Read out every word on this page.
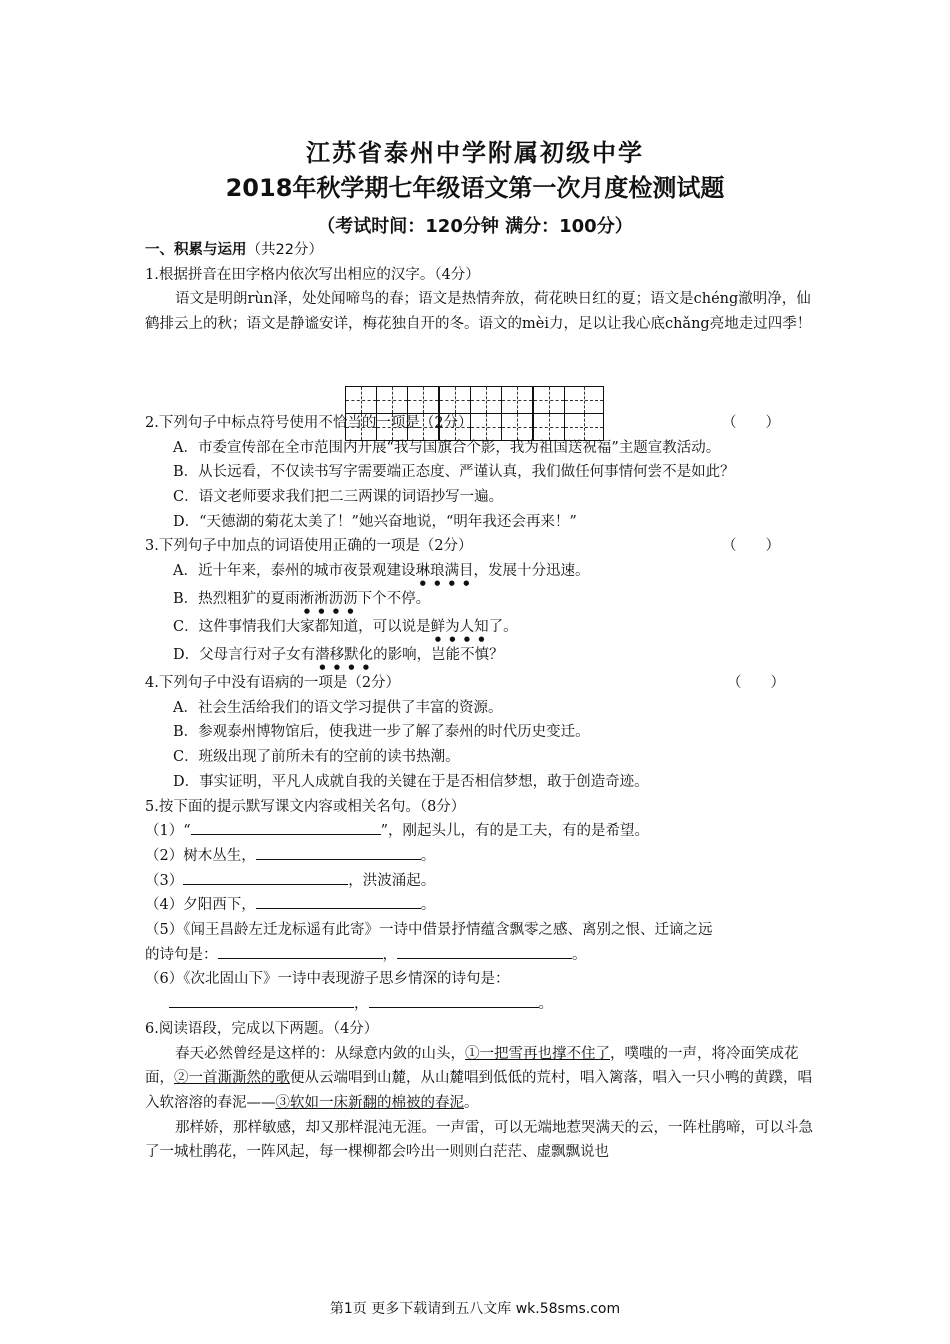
江苏省泰州中学附属初级中学
2018年秋学期七年级语文第一次月度检测试题
（考试时间：120分钟 满分：100分）

一、积累与运用（共22分）

1.根据拼音在田字格内依次写出相应的汉字。（4分）

语文是明朗rùn泽，处处闻啼鸟的春；语文是热情奔放，荷花映日红的夏；语文是chéng澈明净，仙鹤排云上的秋；语文是静谧安详，梅花独自开的冬。语文的mèi力，足以让我心底chǎng亮地走过四季！

2.下列句子中标点符号使用不恰当的一项是（2分）	（　　）

A．市委宣传部在全市范围内开展“我与国旗合个影，我为祖国送祝福”主题宣教活动。

B．从长远看，不仅读书写字需要端正态度、严谨认真，我们做任何事情何尝不是如此？

C．语文老师要求我们把二三两课的词语抄写一遍。

D．“天德湖的菊花太美了！”她兴奋地说，“明年我还会再来！”

3.下列句子中加点的词语使用正确的一项是（2分）	（　　）

A．近十年来，泰州的城市夜景观建设琳琅满目，发展十分迅速。

B．热烈粗犷的夏雨淅淅沥沥下个不停。

C．这件事情我们大家都知道，可以说是鲜为人知了。

D．父母言行对子女有潜移默化的影响，岂能不慎？

4.下列句子中没有语病的一项是（2分）	（　　）

A．社会生活给我们的语文学习提供了丰富的资源。

B．参观泰州博物馆后，使我进一步了解了泰州的时代历史变迁。

C．班级出现了前所未有的空前的读书热潮。

D．事实证明，平凡人成就自我的关键在于是否相信梦想，敢于创造奇迹。

5.按下面的提示默写课文内容或相关名句。（8分）

（1）“	”，刚起头儿，有的是工夫，有的是希望。

（2）树木丛生，	。

（3）	，洪波涌起。

（4）夕阳西下，	。

（5）《闻王昌龄左迁龙标遥有此寄》一诗中借景抒情蕴含飘零之感、离别之恨、迁谪之远

的诗句是：	，	。

（6）《次北固山下》一诗中表现游子思乡情深的诗句是：

，	。

6.阅读语段，完成以下两题。（4分）

春天必然曾经是这样的：从绿意内敛的山头，①一把雪再也撑不住了，噗嗤的一声，将冷面笑成花面，②一首澌澌然的歌便从云端唱到山麓，从山麓唱到低低的荒村，唱入篱落，唱入一只小鸭的黄蹼，唱入软溶溶的春泥——③软如一床新翻的棉被的春泥。

那样娇，那样敏感，却又那样混沌无涯。一声雷，可以无端地惹哭满天的云，一阵杜鹃啼，可以斗急了一城杜鹃花，一阵风起，每一棵柳都会吟出一则则白茫茫、虚飘飘说也

第1页 更多下载请到五八文库 wk.58sms.com
